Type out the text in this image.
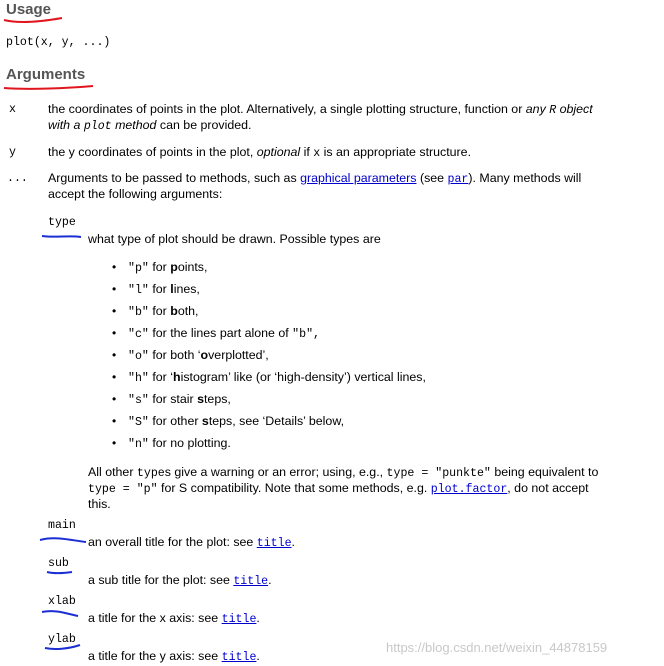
Usage
plot(x, y, ...)
Arguments
x	the coordinates of points in the plot. Alternatively, a single plotting structure, function or any R object
with a plot method can be provided.
y	the y coordinates of points in the plot, optional if x is an appropriate structure.
... Arguments to be passed to methods, such as graphical parameters (see par). Many methods will
accept the following arguments:
type
what type of plot should be drawn. Possible types are
• "p" for points,
• "l" for lines,
• "b" for both,
• "c" for the lines part alone of "b",
• "o" for both ‘overplotted’,
• "h" for ‘histogram’ like (or ‘high-density’) vertical lines,
• "s" for stair steps,
• "S" for other steps, see ‘Details’ below,
• "n" for no plotting.
All other types give a warning or an error; using, e.g., type = "punkte" being equivalent to
type = "p" for S compatibility. Note that some methods, e.g. plot.factor, do not accept
this.
main
an overall title for the plot: see title.
sub
a sub title for the plot: see title.
xlab
a title for the x axis: see title.
ylab
a title for the y axis: see title.
https://blog.csdn.net/weixin_44878159
